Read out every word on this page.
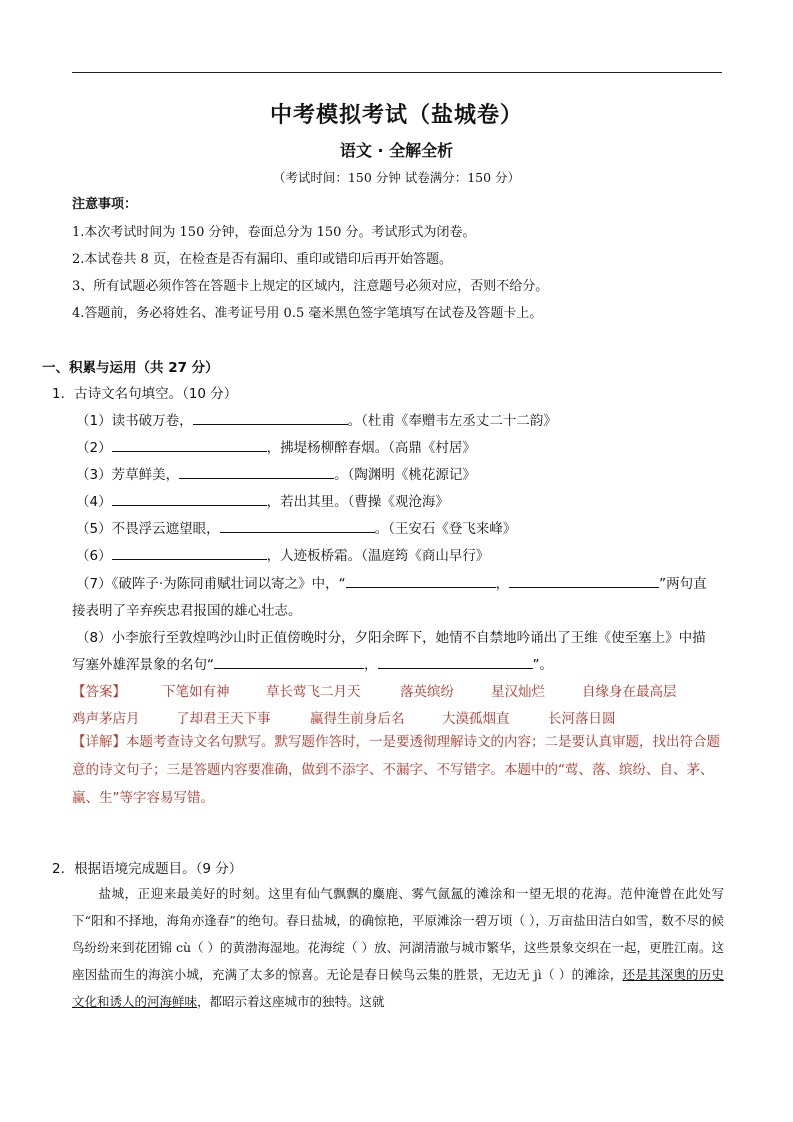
中考模拟考试（盐城卷）
语文 · 全解全析
（考试时间：150 分钟 试卷满分：150 分）
注意事项：
1.本次考试时间为 150 分钟，卷面总分为 150 分。考试形式为闭卷。
2.本试卷共 8 页，在检查是否有漏印、重印或错印后再开始答题。
3、所有试题必须作答在答题卡上规定的区域内，注意题号必须对应，否则不给分。
4.答题前，务必将姓名、准考证号用 0.5 毫米黑色签字笔填写在试卷及答题卡上。
一、积累与运用（共 27 分）
1．古诗文名句填空。（10 分）
（1）读书破万卷，	。（杜甫《奉赠韦左丞丈二十二韵》
（2）	，拂堤杨柳醉春烟。（高鼎《村居》
（3）芳草鲜美，	。（陶渊明《桃花源记》
（4）	，若出其里。（曹操《观沧海》
（5）不畏浮云遮望眼，	。（王安石《登飞来峰》
（6）	，人迹板桥霜。（温庭筠《商山早行》
（7）《破阵子·为陈同甫赋壮词以寄之》中，“	，	”两句直
接表明了辛弃疾忠君报国的雄心壮志。
（8）小李旅行至敦煌鸣沙山时正值傍晚时分，夕阳余晖下，她情不自禁地吟诵出了王维《使至塞上》中描
写塞外雄浑景象的名句“	，	”。
【答案】	下笔如有神	草长莺飞二月天	落英缤纷	星汉灿烂	自缘身在最高层
鸡声茅店月	了却君王天下事	赢得生前身后名	大漠孤烟直	长河落日圆
【详解】本题考查诗文名句默写。默写题作答时，一是要透彻理解诗文的内容；二是要认真审题，找出符合题意的诗文句子；三是答题内容要准确，做到不添字、不漏字、不写错字。本题中的“莺、落、缤纷、自、茅、赢、生”等字容易写错。
2．根据语境完成题目。（9 分）
盐城，正迎来最美好的时刻。这里有仙气飘飘的麋鹿、雾气氤氲的滩涂和一望无垠的花海。范仲淹曾在此处写下“阳和不择地，海角亦逢春”的绝句。春日盐城，的确惊艳，平原滩涂一碧万顷（ ），万亩盐田洁白如雪，数不尽的候鸟纷纷来到花团锦 cù（ ）的黄渤海湿地。花海绽（ ）放、河湖清澈与城市繁华，这些景象交织在一起，更胜江南。这座因盐而生的海滨小城，充满了太多的惊喜。无论是春日候鸟云集的胜景，无边无 jì（ ）的滩涂，还是其深奥的历史文化和诱人的河海鲜味，都昭示着这座城市的独特。这就
